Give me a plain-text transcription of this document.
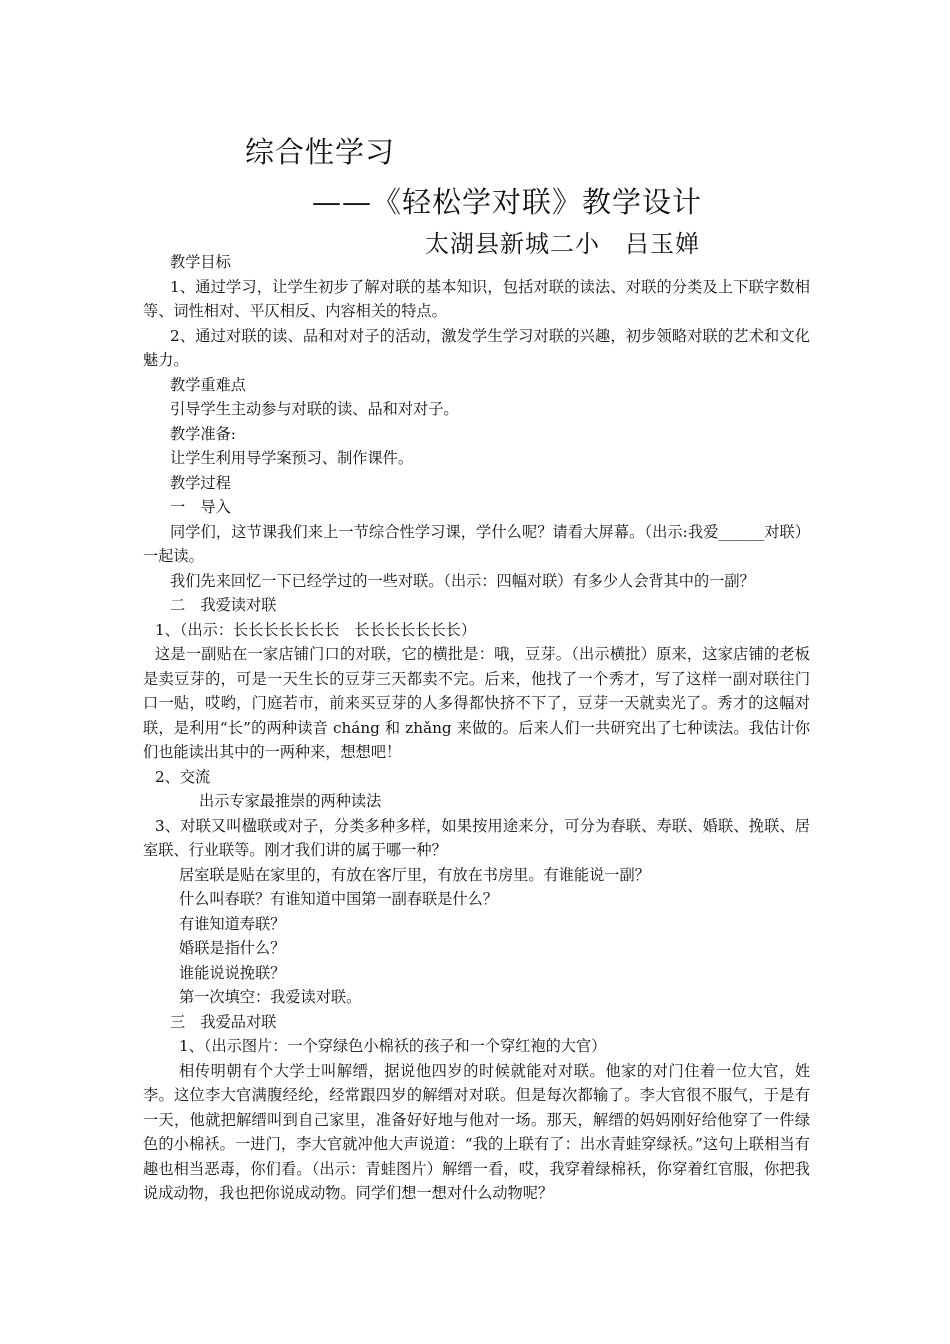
综合性学习
——《轻松学对联》教学设计
太湖县新城二小　吕玉婵

教学目标

1、通过学习，让学生初步了解对联的基本知识，包括对联的读法、对联的分类及上下联字数相等、词性相对、平仄相反、内容相关的特点。

2、通过对联的读、品和对对子的活动，激发学生学习对联的兴趣，初步领略对联的艺术和文化魅力。

教学重难点

引导学生主动参与对联的读、品和对对子。

教学准备:

让学生利用导学案预习、制作课件。

教学过程

一　导入

同学们，这节课我们来上一节综合性学习课，学什么呢？请看大屏幕。（出示:我爱______对联）一起读。

我们先来回忆一下已经学过的一些对联。（出示：四幅对联）有多少人会背其中的一副？

二　我爱读对联

1、（出示：长长长长长长长　长长长长长长长）

这是一副贴在一家店铺门口的对联，它的横批是：哦，豆芽。（出示横批）原来，这家店铺的老板是卖豆芽的，可是一天生长的豆芽三天都卖不完。后来，他找了一个秀才，写了这样一副对联往门口一贴，哎哟，门庭若市，前来买豆芽的人多得都快挤不下了，豆芽一天就卖光了。秀才的这幅对联，是利用“长”的两种读音 cháng 和 zhǎng 来做的。后来人们一共研究出了七种读法。我估计你们也能读出其中的一两种来，想想吧！

2、交流

出示专家最推崇的两种读法

3、对联又叫楹联或对子，分类多种多样，如果按用途来分，可分为春联、寿联、婚联、挽联、居室联、行业联等。刚才我们讲的属于哪一种？

居室联是贴在家里的，有放在客厅里，有放在书房里。有谁能说一副？

什么叫春联？有谁知道中国第一副春联是什么？

有谁知道寿联？

婚联是指什么？

谁能说说挽联？

第一次填空：我爱读对联。

三　我爱品对联

1、（出示图片：一个穿绿色小棉袄的孩子和一个穿红袍的大官）

相传明朝有个大学士叫解缙，据说他四岁的时候就能对对联。他家的对门住着一位大官，姓李。这位李大官满腹经纶，经常跟四岁的解缙对对联。但是每次都输了。李大官很不服气，于是有一天，他就把解缙叫到自己家里，准备好好地与他对一场。那天，解缙的妈妈刚好给他穿了一件绿色的小棉袄。一进门，李大官就冲他大声说道：“我的上联有了：出水青蛙穿绿袄。”这句上联相当有趣也相当恶毒，你们看。（出示：青蛙图片）解缙一看，哎，我穿着绿棉袄，你穿着红官服，你把我说成动物，我也把你说成动物。同学们想一想对什么动物呢？
